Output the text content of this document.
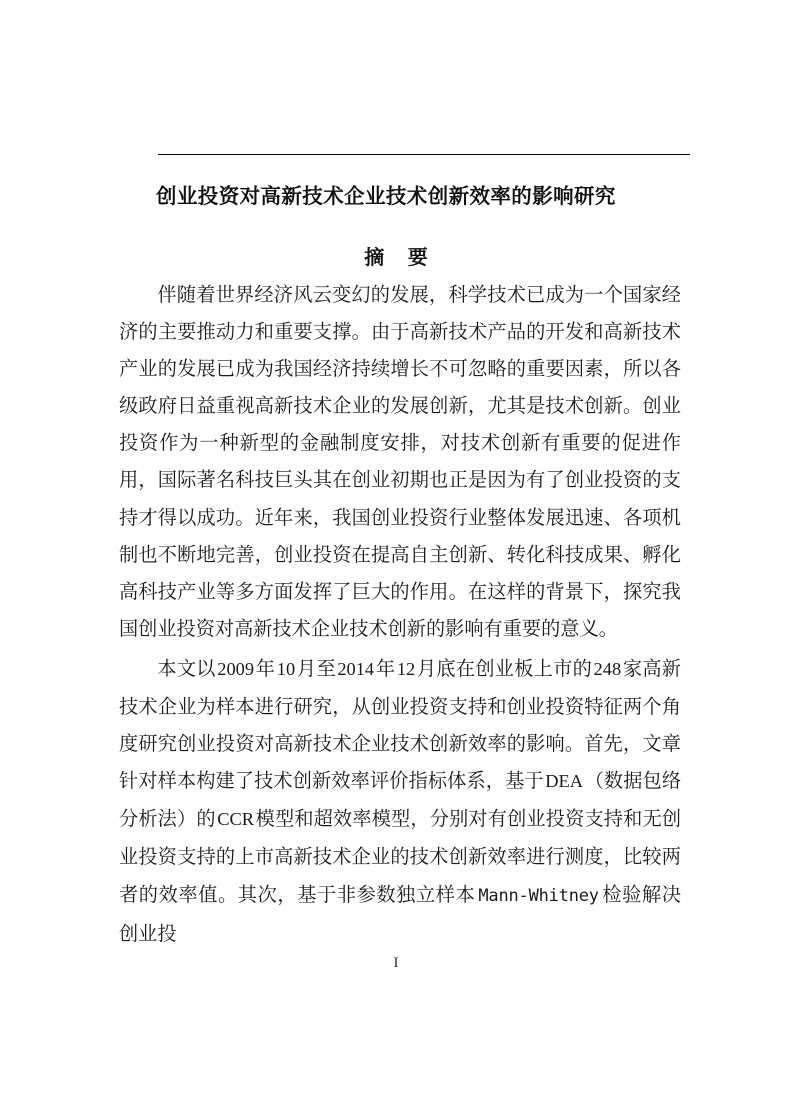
创业投资对高新技术企业技术创新效率的影响研究
摘 要

伴随着世界经济风云变幻的发展，科学技术已成为一个国家经济的主要推动力和重要支撑。由于高新技术产品的开发和高新技术产业的发展已成为我国经济持续增长不可忽略的重要因素，所以各级政府日益重视高新技术企业的发展创新，尤其是技术创新。创业投资作为一种新型的金融制度安排，对技术创新有重要的促进作用，国际著名科技巨头其在创业初期也正是因为有了创业投资的支持才得以成功。近年来，我国创业投资行业整体发展迅速、各项机制也不断地完善，创业投资在提高自主创新、转化科技成果、孵化高科技产业等多方面发挥了巨大的作用。在这样的背景下，探究我国创业投资对高新技术企业技术创新的影响有重要的意义。

本文以2009年10月至2014年12月底在创业板上市的248家高新技术企业为样本进行研究，从创业投资支持和创业投资特征两个角度研究创业投资对高新技术企业技术创新效率的影响。首先，文章针对样本构建了技术创新效率评价指标体系，基于DEA（数据包络分析法）的CCR模型和超效率模型，分别对有创业投资支持和无创业投资支持的上市高新技术企业的技术创新效率进行测度，比较两者的效率值。其次，基于非参数独立样本 Mann-Whitney 检验解决创业投

I
